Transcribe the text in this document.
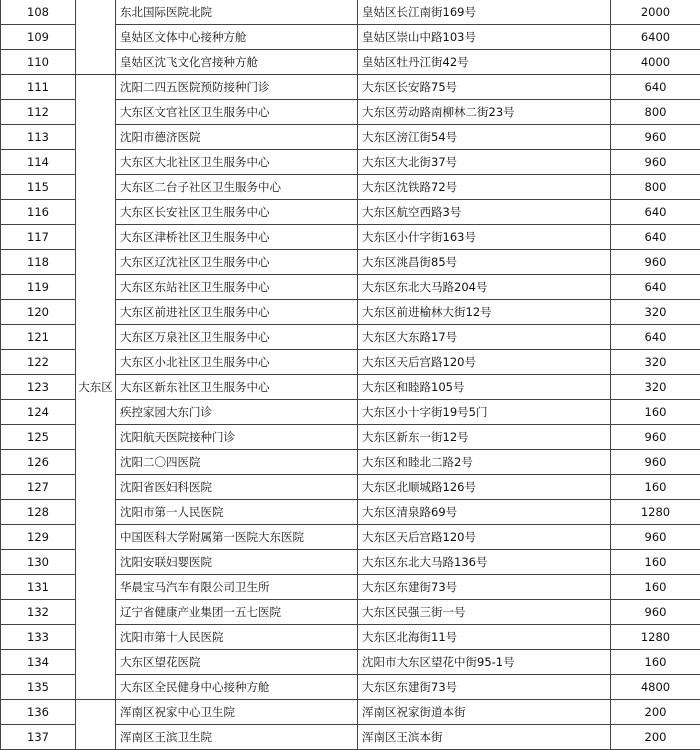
108		东北国际医院北院	皇姑区长江南街169号	2000
109		皇姑区文体中心接种方舱	皇姑区崇山中路103号	6400
110		皇姑区沈飞文化宫接种方舱	皇姑区牡丹江街42号	4000
111	大东区	沈阳二四五医院预防接种门诊	大东区长安路75号	640
112		大东区文官社区卫生服务中心	大东区劳动路南柳林二街23号	800
113		沈阳市德济医院	大东区滂江街54号	960
114		大东区大北社区卫生服务中心	大东区大北街37号	960
115		大东区二台子社区卫生服务中心	大东区沈铁路72号	800
116		大东区长安社区卫生服务中心	大东区航空西路3号	640
117		大东区津桥社区卫生服务中心	大东区小什字街163号	640
118		大东区辽沈社区卫生服务中心	大东区洮昌街85号	960
119		大东区东站社区卫生服务中心	大东区东北大马路204号	640
120		大东区前进社区卫生服务中心	大东区前进榆林大街12号	320
121		大东区万泉社区卫生服务中心	大东区大东路17号	640
122		大东区小北社区卫生服务中心	大东区天后宫路120号	320
123		大东区新东社区卫生服务中心	大东区和睦路105号	320
124		疾控家园大东门诊	大东区小十字街19号5门	160
125		沈阳航天医院接种门诊	大东区新东一街12号	960
126		沈阳二〇四医院	大东区和睦北二路2号	960
127		沈阳省医妇科医院	大东区北顺城路126号	160
128		沈阳市第一人民医院	大东区清泉路69号	1280
129		中国医科大学附属第一医院大东医院	大东区天后宫路120号	960
130		沈阳安联妇婴医院	大东区东北大马路136号	160
131		华晨宝马汽车有限公司卫生所	大东区东建街73号	160
132		辽宁省健康产业集团一五七医院	大东区民强三街一号	960
133		沈阳市第十人民医院	大东区北海街11号	1280
134		大东区望花医院	沈阳市大东区望花中街95-1号	160
135		大东区全民健身中心接种方舱	大东区东建街73号	4800
136		浑南区祝家中心卫生院	浑南区祝家街道本街	200
137		浑南区王滨卫生院	浑南区王滨本街	200
